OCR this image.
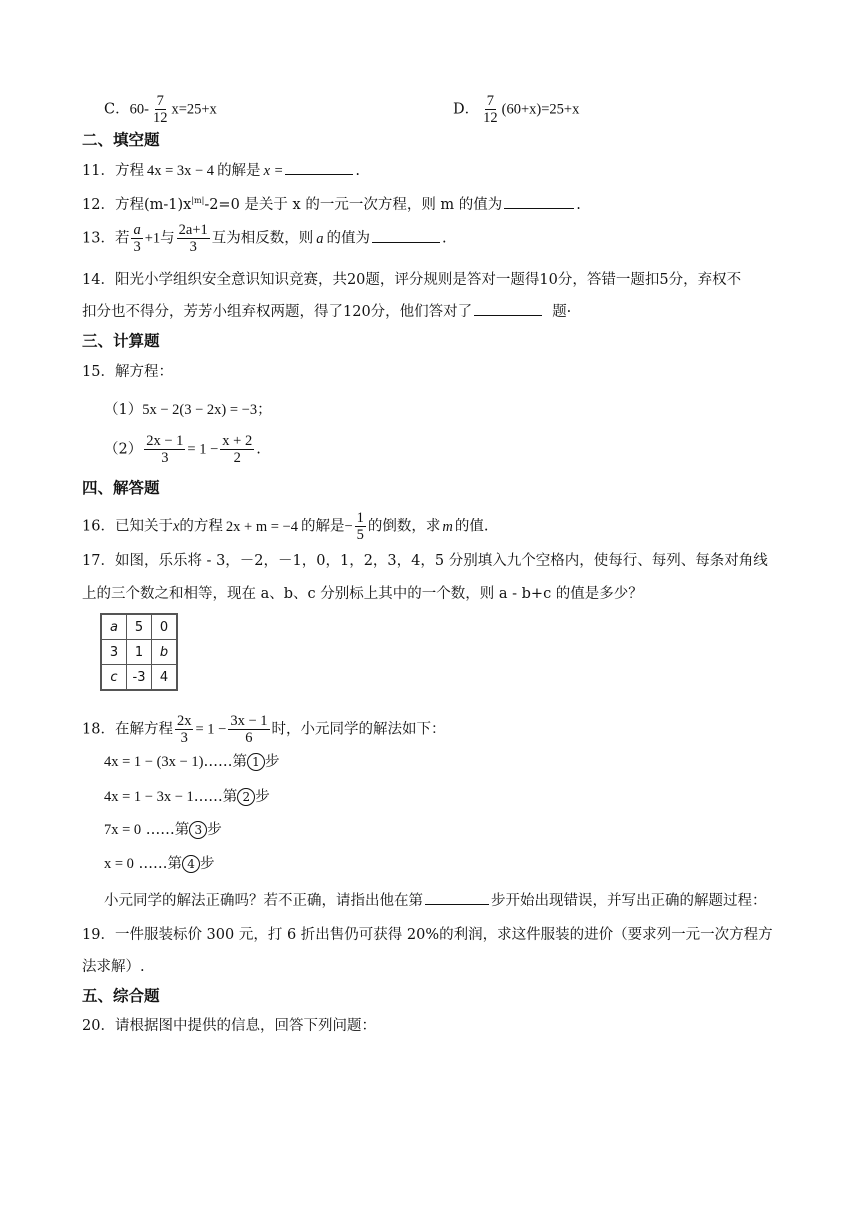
C．$60- \frac{7}{12} x=25+x$	D． $\frac{7}{12} (60+x)=25+x$
二、填空题
11．方程 4x = 3x − 4 的解是 x =	.
12．方程$(m-1)x^{|m|}-2=0$ 是关于 x 的一元一次方程，则 m 的值为	.
13．若 $\frac{a}{3} +1$与 $\frac{2a+1}{3}$ 互为相反数，则 a 的值为	.
14．阳光小学组织安全意识知识竞赛，共20题，评分规则是答对一题得10分，答错一题扣5分，弃权不
扣分也不得分，芳芳小组弃权两题，得了120分，他们答对了	题·
三、计算题
15．解方程：
（1）5x − 2(3 − 2x) = −3；
$(2) \frac{2x - 1}{3} = 1 - \frac{x + 2}{2}$ .
四、解答题
16．已知关于x的方程 2x + m = −4 的解是− $\frac{1}{5}$ 的倒数，求 m 的值.
17．如图，乐乐将 - 3，－2，－1，0，1，2，3，4，5 分别填入九个空格内，使每行、每列、每条对角线
上的三个数之和相等，现在 a、b、c 分别标上其中的一个数，则 a - b+c 的值是多少？
a	5	0
3	1	b
c	-3	4
18．在解方程 $\frac{2x}{3} = 1 - \frac{3x - 1}{6}$ 时，小元同学的解法如下：
4x = 1 − (3x − 1)……第 1 步
4x = 1 − 3x − 1……第 2 步
7x = 0 ……第 3 步
x = 0 ……第 4 步
小元同学的解法正确吗？若不正确，请指出他在第	步开始出现错误，并写出正确的解题过程：
19．一件服装标价 300 元，打 6 折出售仍可获得 20%的利润，求这件服装的进价（要求列一元一次方程方
法求解）.
五、综合题
20．请根据图中提供的信息，回答下列问题：
